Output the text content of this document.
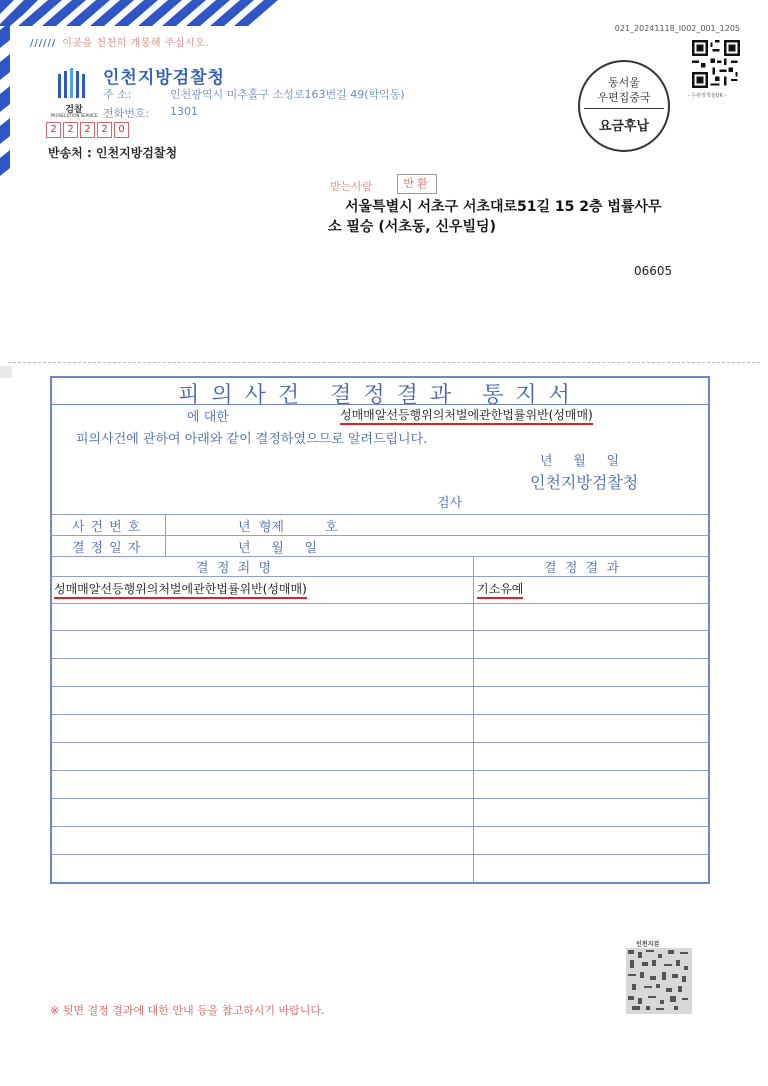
////// 이곳을 천천히 개봉해 주십시오.
021_20241118_I002_001_1205
검찰
PROSECUTION SERVICE
인천지방검찰청
주 소:	인천광역시 미추홀구 소성로163번길 49(학익동)
전화번호: 1301
2	2	2	2	0
반송처 : 인천지방검찰청
동서울
우편집중국
요금후납
- 우편정책물QR -
받는사람	반환
서울특별시 서초구 서초대로51길 15 2층 법률사무
소 필승 (서초동, 신우빌딩)
06605
피의사건 결정결과 통지서
에 대한	성매매알선등행위의처벌에관한법률위반(성매매)
피의사건에 관하여 아래와 같이 결정하였으므로 알려드립니다.
년     월     일
인천지방검찰청
검사
사건번호	년  형제          호
결정일자	년     월     일
결  정  죄  명	결  정  결  과
성매매알선등행위의처벌에관한법률위반(성매매)	기소유예
※ 뒷면 결정 결과에 대한 안내 등을 참고하시기 바랍니다.
인천지검
